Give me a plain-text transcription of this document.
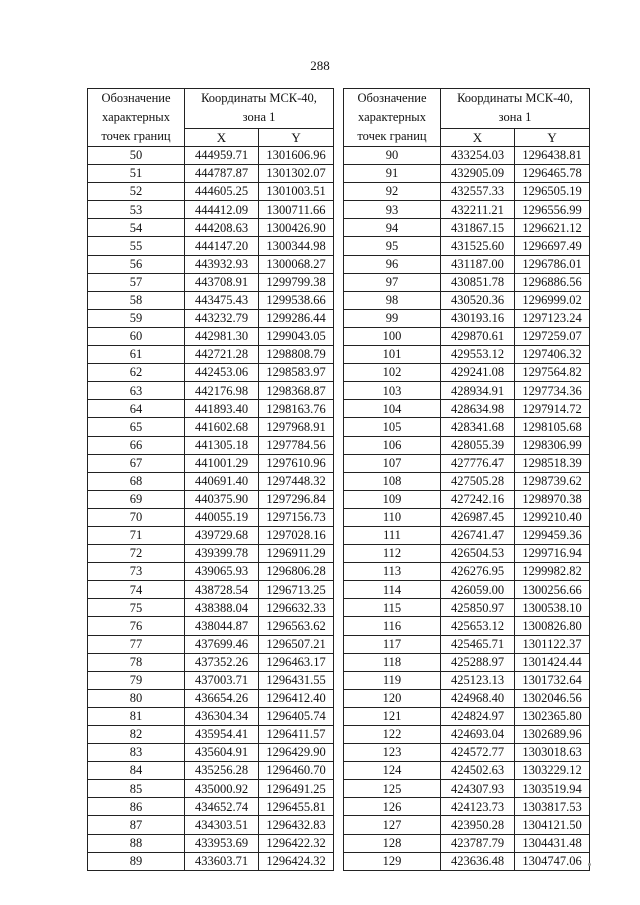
288
Обозначение
характерных
точек границ	Координаты МСК-40,
зона 1	

	X	Y
50	444959.71	1301606.96
51	444787.87	1301302.07
52	444605.25	1301003.51
53	444412.09	1300711.66
54	444208.63	1300426.90
55	444147.20	1300344.98
56	443932.93	1300068.27
57	443708.91	1299799.38
58	443475.43	1299538.66
59	443232.79	1299286.44
60	442981.30	1299043.05
61	442721.28	1298808.79
62	442453.06	1298583.97
63	442176.98	1298368.87
64	441893.40	1298163.76
65	441602.68	1297968.91
66	441305.18	1297784.56
67	441001.29	1297610.96
68	440691.40	1297448.32
69	440375.90	1297296.84
70	440055.19	1297156.73
71	439729.68	1297028.16
72	439399.78	1296911.29
73	439065.93	1296806.28
74	438728.54	1296713.25
75	438388.04	1296632.33
76	438044.87	1296563.62
77	437699.46	1296507.21
78	437352.26	1296463.17
79	437003.71	1296431.55
80	436654.26	1296412.40
81	436304.34	1296405.74
82	435954.41	1296411.57
83	435604.91	1296429.90
84	435256.28	1296460.70
85	435000.92	1296491.25
86	434652.74	1296455.81
87	434303.51	1296432.83
88	433953.69	1296422.32
89	433603.71	1296424.32
Обозначение
характерных
точек границ	Координаты МСК-40,
зона 1	

	X	Y
90	433254.03	1296438.81
91	432905.09	1296465.78
92	432557.33	1296505.19
93	432211.21	1296556.99
94	431867.15	1296621.12
95	431525.60	1296697.49
96	431187.00	1296786.01
97	430851.78	1296886.56
98	430520.36	1296999.02
99	430193.16	1297123.24
100	429870.61	1297259.07
101	429553.12	1297406.32
102	429241.08	1297564.82
103	428934.91	1297734.36
104	428634.98	1297914.72
105	428341.68	1298105.68
106	428055.39	1298306.99
107	427776.47	1298518.39
108	427505.28	1298739.62
109	427242.16	1298970.38
110	426987.45	1299210.40
111	426741.47	1299459.36
112	426504.53	1299716.94
113	426276.95	1299982.82
114	426059.00	1300256.66
115	425850.97	1300538.10
116	425653.12	1300826.80
117	425465.71	1301122.37
118	425288.97	1301424.44
119	425123.13	1301732.64
120	424968.40	1302046.56
121	424824.97	1302365.80
122	424693.04	1302689.96
123	424572.77	1303018.63
124	424502.63	1303229.12
125	424307.93	1303519.94
126	424123.73	1303817.53
127	423950.28	1304121.50
128	423787.79	1304431.48
129	423636.48	1304747.06
